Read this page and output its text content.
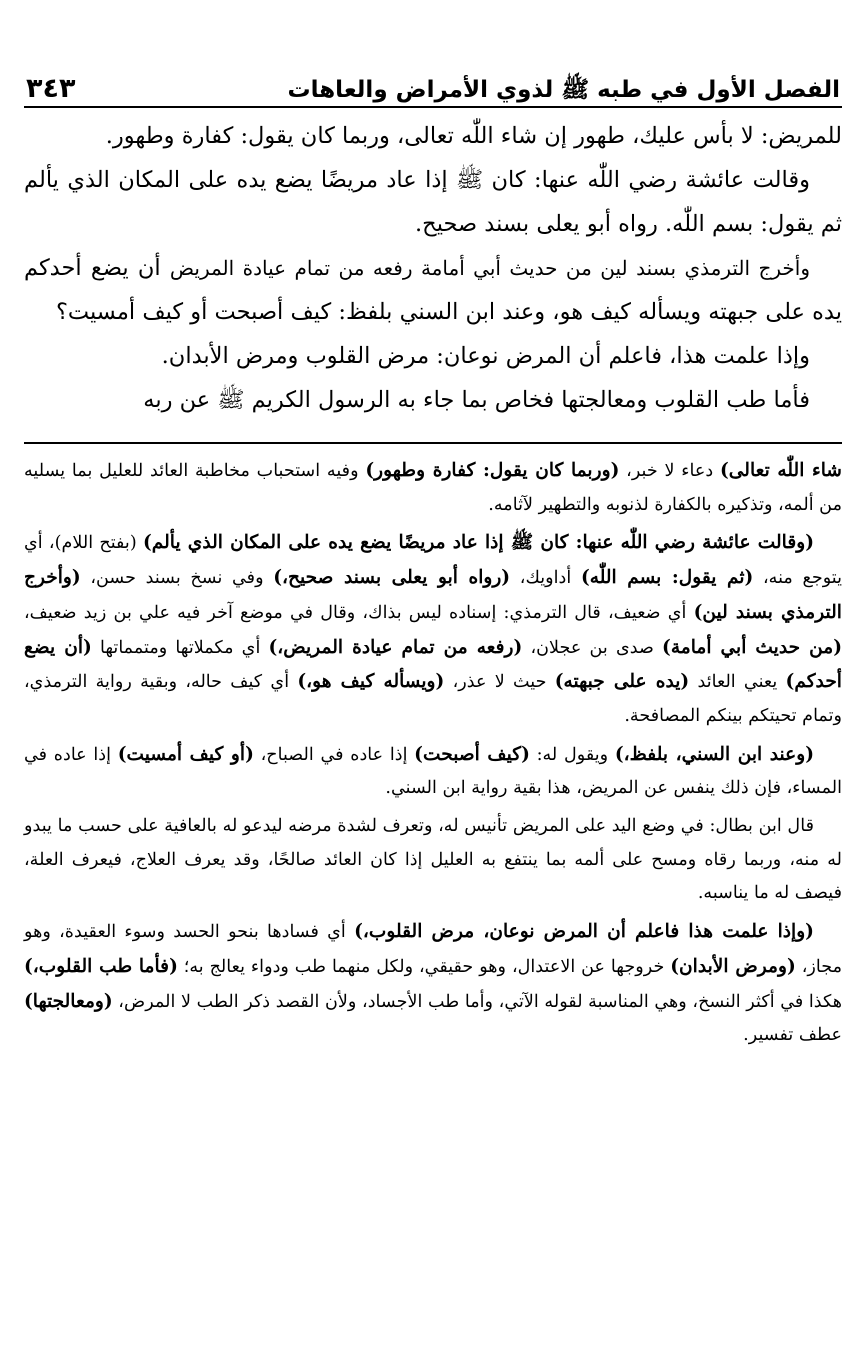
الفصل الأول في طبه ﷺ لذوي الأمراض والعاهات
٣٤٣

للمريض: لا بأس عليك، طهور إن شاء اللّٰه تعالى، وربما كان يقول: كفارة وطهور.

وقالت عائشة رضي اللّٰه عنها: كان ﷺ إذا عاد مريضًا يضع يده على المكان الذي يألم ثم يقول: بسم اللّٰه. رواه أبو يعلى بسند صحيح.

وأخرج الترمذي بسند لين من حديث أبي أمامة رفعه من تمام عيادة المريض أن يضع أحدكم يده على جبهته ويسأله كيف هو، وعند ابن السني بلفظ: كيف أصبحت أو كيف أمسيت؟

وإذا علمت هذا، فاعلم أن المرض نوعان: مرض القلوب ومرض الأبدان.

فأما طب القلوب ومعالجتها فخاص بما جاء به الرسول الكريم ﷺ عن ربه

شاء اللّٰه تعالى) دعاء لا خبر، (وربما كان يقول: كفارة وطهور) وفيه استحباب مخاطبة العائد للعليل بما يسليه من ألمه، وتذكيره بالكفارة لذنوبه والتطهير لآثامه.

(وقالت عائشة رضي اللّٰه عنها: كان ﷺ إذا عاد مريضًا يضع يده على المكان الذي يألم) (بفتح اللام)، أي يتوجع منه، (ثم يقول: بسم اللّٰه) أداويك، (رواه أبو يعلى بسند صحيح،) وفي نسخ بسند حسن، (وأخرج الترمذي بسند لين) أي ضعيف، قال الترمذي: إسناده ليس بذاك، وقال في موضع آخر فيه علي بن زيد ضعيف، (من حديث أبي أمامة) صدى بن عجلان، (رفعه من تمام عيادة المريض،) أي مكملاتها ومتمماتها (أن يضع أحدكم) يعني العائد (يده على جبهته) حيث لا عذر، (ويسأله كيف هو،) أي كيف حاله، وبقية رواية الترمذي، وتمام تحيتكم بينكم المصافحة.

(وعند ابن السني، بلفظ،) ويقول له: (كيف أصبحت) إذا عاده في الصباح، (أو كيف أمسيت) إذا عاده في المساء، فإن ذلك ينفس عن المريض، هذا بقية رواية ابن السني.

قال ابن بطال: في وضع اليد على المريض تأنيس له، وتعرف لشدة مرضه ليدعو له بالعافية على حسب ما يبدو له منه، وربما رقاه ومسح على ألمه بما ينتفع به العليل إذا كان العائد صالحًا، وقد يعرف العلاج، فيعرف العلة، فيصف له ما يناسبه.

(وإذا علمت هذا فاعلم أن المرض نوعان، مرض القلوب،) أي فسادها بنحو الحسد وسوء العقيدة، وهو مجاز، (ومرض الأبدان) خروجها عن الاعتدال، وهو حقيقي، ولكل منهما طب ودواء يعالج به؛ (فأما طب القلوب،) هكذا في أكثر النسخ، وهي المناسبة لقوله الآتي، وأما طب الأجساد، ولأن القصد ذكر الطب لا المرض، (ومعالجتها) عطف تفسير.
